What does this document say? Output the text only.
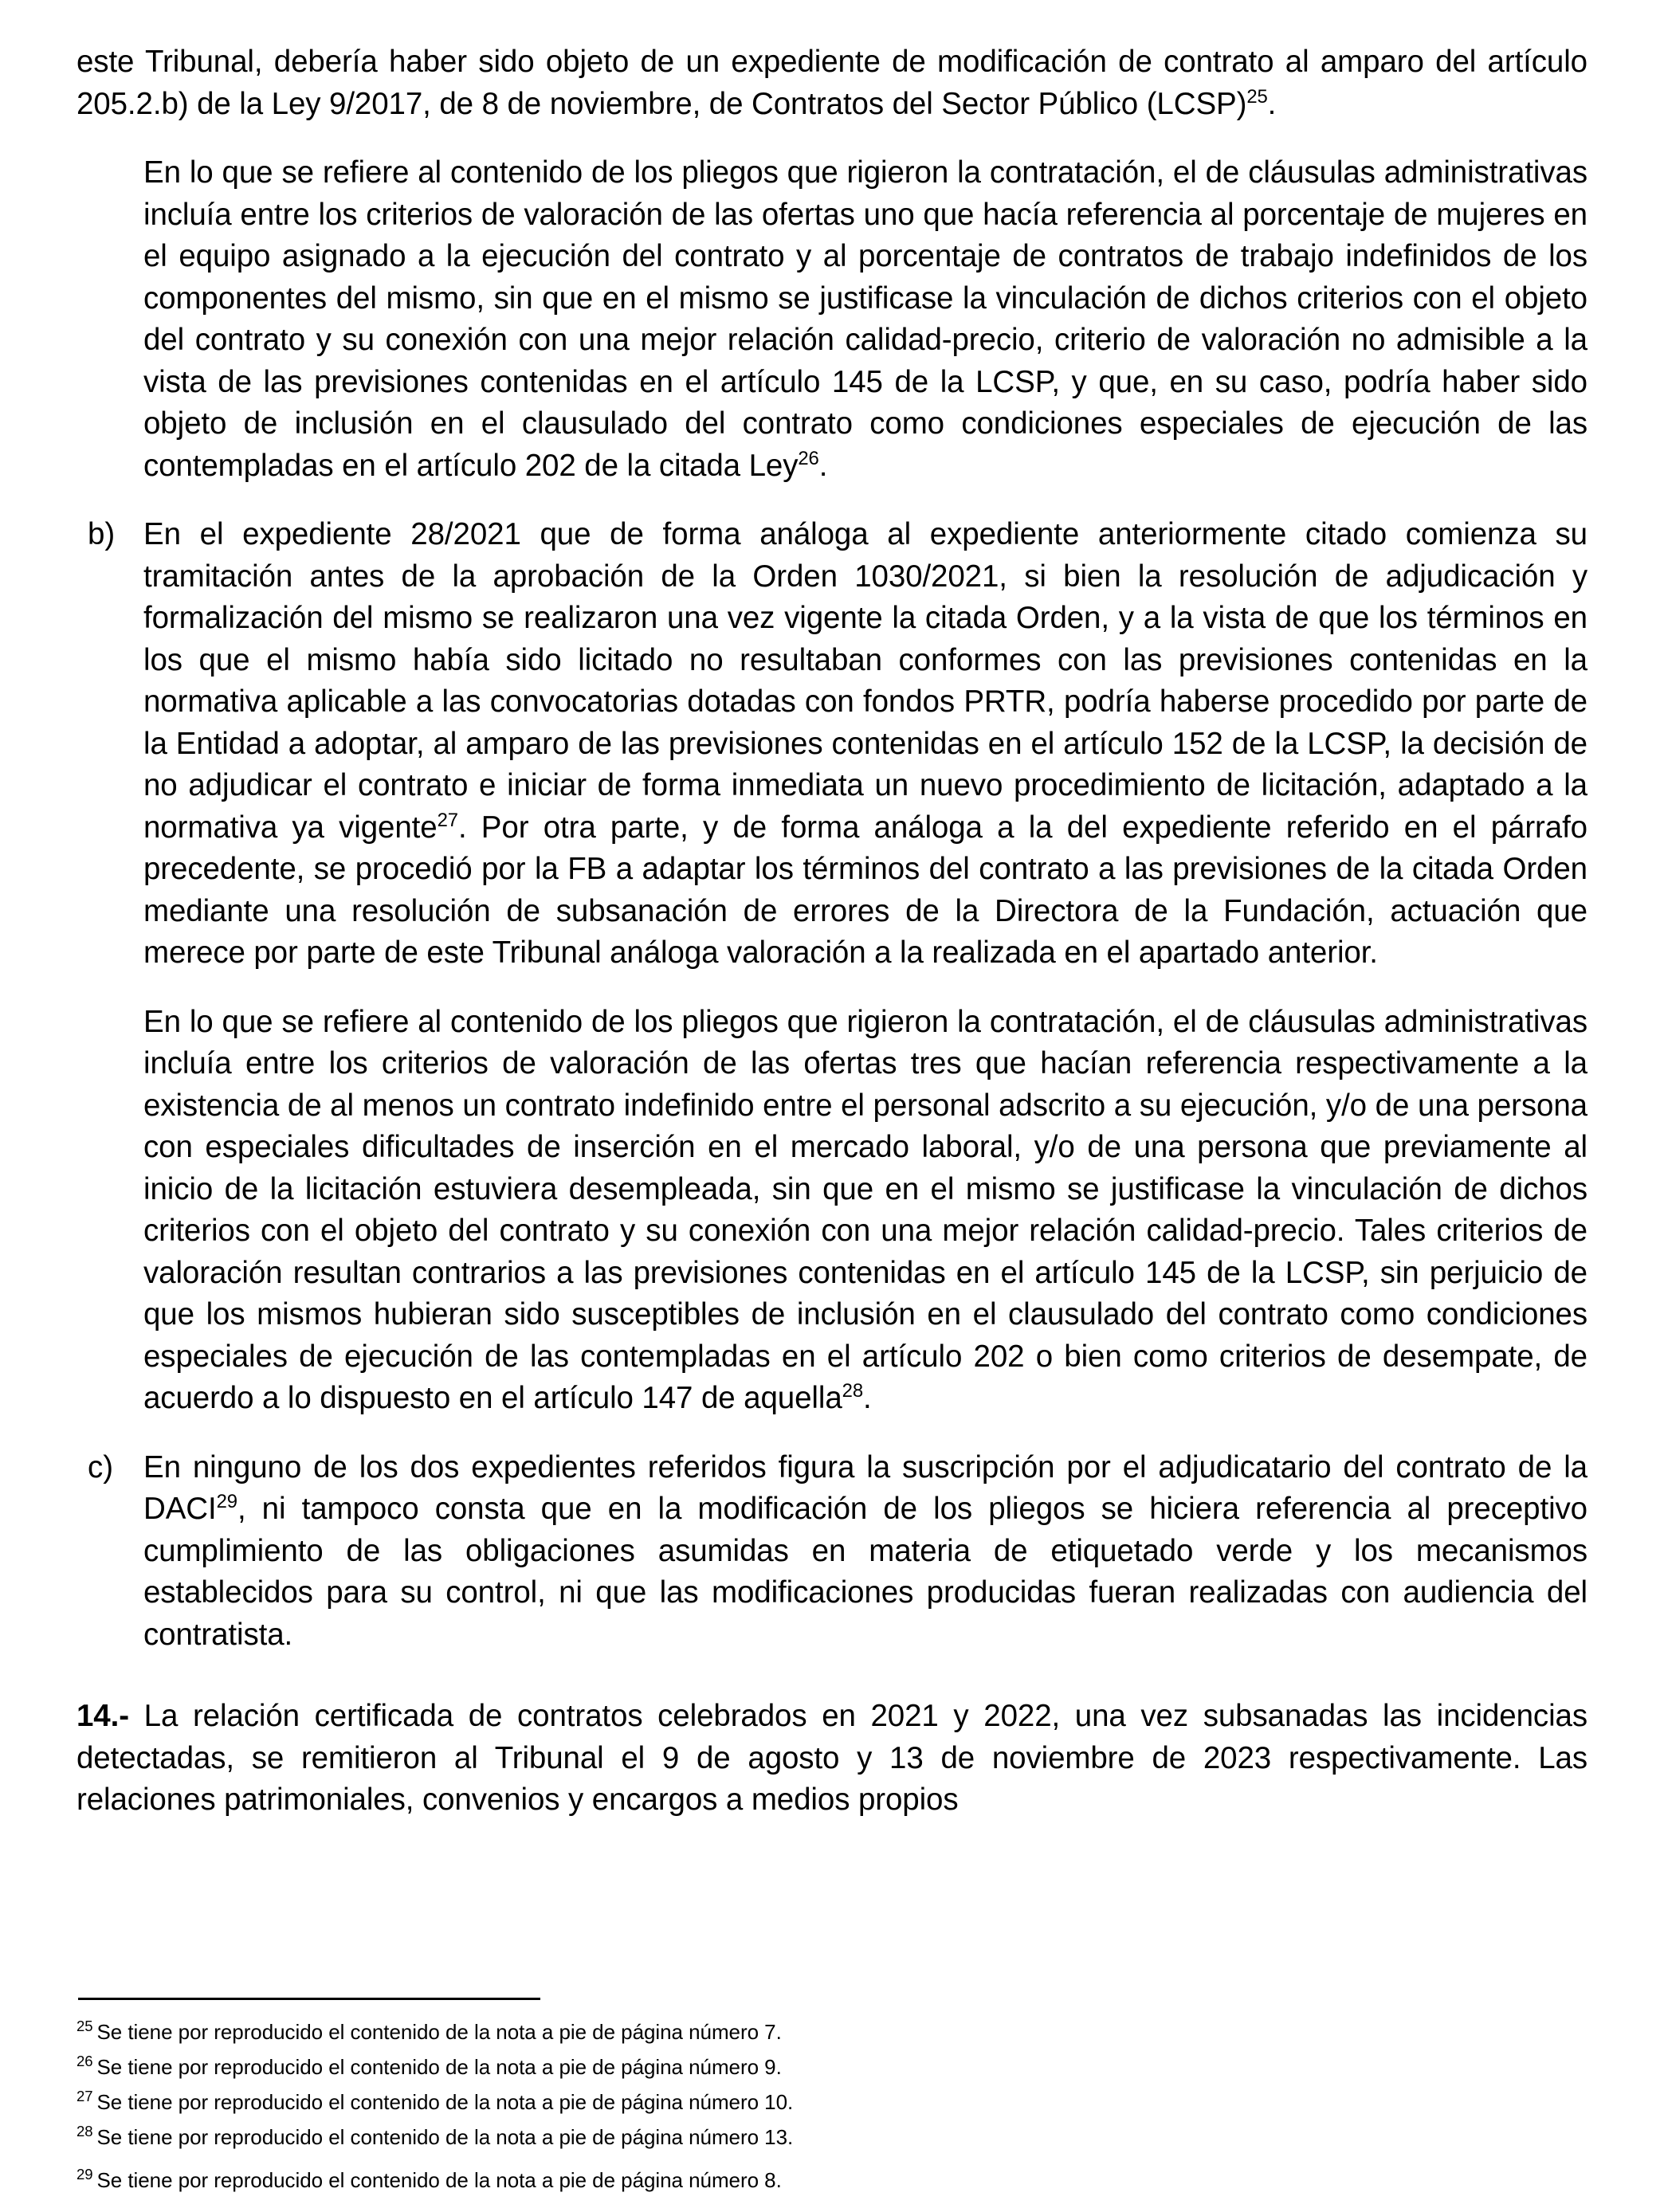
este Tribunal, debería haber sido objeto de un expediente de modificación de contrato al amparo del artículo 205.2.b) de la Ley 9/2017, de 8 de noviembre, de Contratos del Sector Público (LCSP)$^{25}$.

En lo que se refiere al contenido de los pliegos que rigieron la contratación, el de cláusulas administrativas incluía entre los criterios de valoración de las ofertas uno que hacía referencia al porcentaje de mujeres en el equipo asignado a la ejecución del contrato y al porcentaje de contratos de trabajo indefinidos de los componentes del mismo, sin que en el mismo se justificase la vinculación de dichos criterios con el objeto del contrato y su conexión con una mejor relación calidad-precio, criterio de valoración no admisible a la vista de las previsiones contenidas en el artículo 145 de la LCSP, y que, en su caso, podría haber sido objeto de inclusión en el clausulado del contrato como condiciones especiales de ejecución de las contempladas en el artículo 202 de la citada Ley$^{26}$.

b) En el expediente 28/2021 que de forma análoga al expediente anteriormente citado comienza su tramitación antes de la aprobación de la Orden 1030/2021, si bien la resolución de adjudicación y formalización del mismo se realizaron una vez vigente la citada Orden, y a la vista de que los términos en los que el mismo había sido licitado no resultaban conformes con las previsiones contenidas en la normativa aplicable a las convocatorias dotadas con fondos PRTR, podría haberse procedido por parte de la Entidad a adoptar, al amparo de las previsiones contenidas en el artículo 152 de la LCSP, la decisión de no adjudicar el contrato e iniciar de forma inmediata un nuevo procedimiento de licitación, adaptado a la normativa ya vigente$^{27}$. Por otra parte, y de forma análoga a la del expediente referido en el párrafo precedente, se procedió por la FB a adaptar los términos del contrato a las previsiones de la citada Orden mediante una resolución de subsanación de errores de la Directora de la Fundación, actuación que merece por parte de este Tribunal análoga valoración a la realizada en el apartado anterior.

En lo que se refiere al contenido de los pliegos que rigieron la contratación, el de cláusulas administrativas incluía entre los criterios de valoración de las ofertas tres que hacían referencia respectivamente a la existencia de al menos un contrato indefinido entre el personal adscrito a su ejecución, y/o de una persona con especiales dificultades de inserción en el mercado laboral, y/o de una persona que previamente al inicio de la licitación estuviera desempleada, sin que en el mismo se justificase la vinculación de dichos criterios con el objeto del contrato y su conexión con una mejor relación calidad-precio. Tales criterios de valoración resultan contrarios a las previsiones contenidas en el artículo 145 de la LCSP, sin perjuicio de que los mismos hubieran sido susceptibles de inclusión en el clausulado del contrato como condiciones especiales de ejecución de las contempladas en el artículo 202 o bien como criterios de desempate, de acuerdo a lo dispuesto en el artículo 147 de aquella$^{28}$.

c) En ninguno de los dos expedientes referidos figura la suscripción por el adjudicatario del contrato de la DACI$^{29}$, ni tampoco consta que en la modificación de los pliegos se hiciera referencia al preceptivo cumplimiento de las obligaciones asumidas en materia de etiquetado verde y los mecanismos establecidos para su control, ni que las modificaciones producidas fueran realizadas con audiencia del contratista.

14.- La relación certificada de contratos celebrados en 2021 y 2022, una vez subsanadas las incidencias detectadas, se remitieron al Tribunal el 9 de agosto y 13 de noviembre de 2023 respectivamente. Las relaciones patrimoniales, convenios y encargos a medios propios

$^{25}$ Se tiene por reproducido el contenido de la nota a pie de página número 7.
$^{26}$ Se tiene por reproducido el contenido de la nota a pie de página número 9.
$^{27}$ Se tiene por reproducido el contenido de la nota a pie de página número 10.
$^{28}$ Se tiene por reproducido el contenido de la nota a pie de página número 13.
$^{29}$ Se tiene por reproducido el contenido de la nota a pie de página número 8.
